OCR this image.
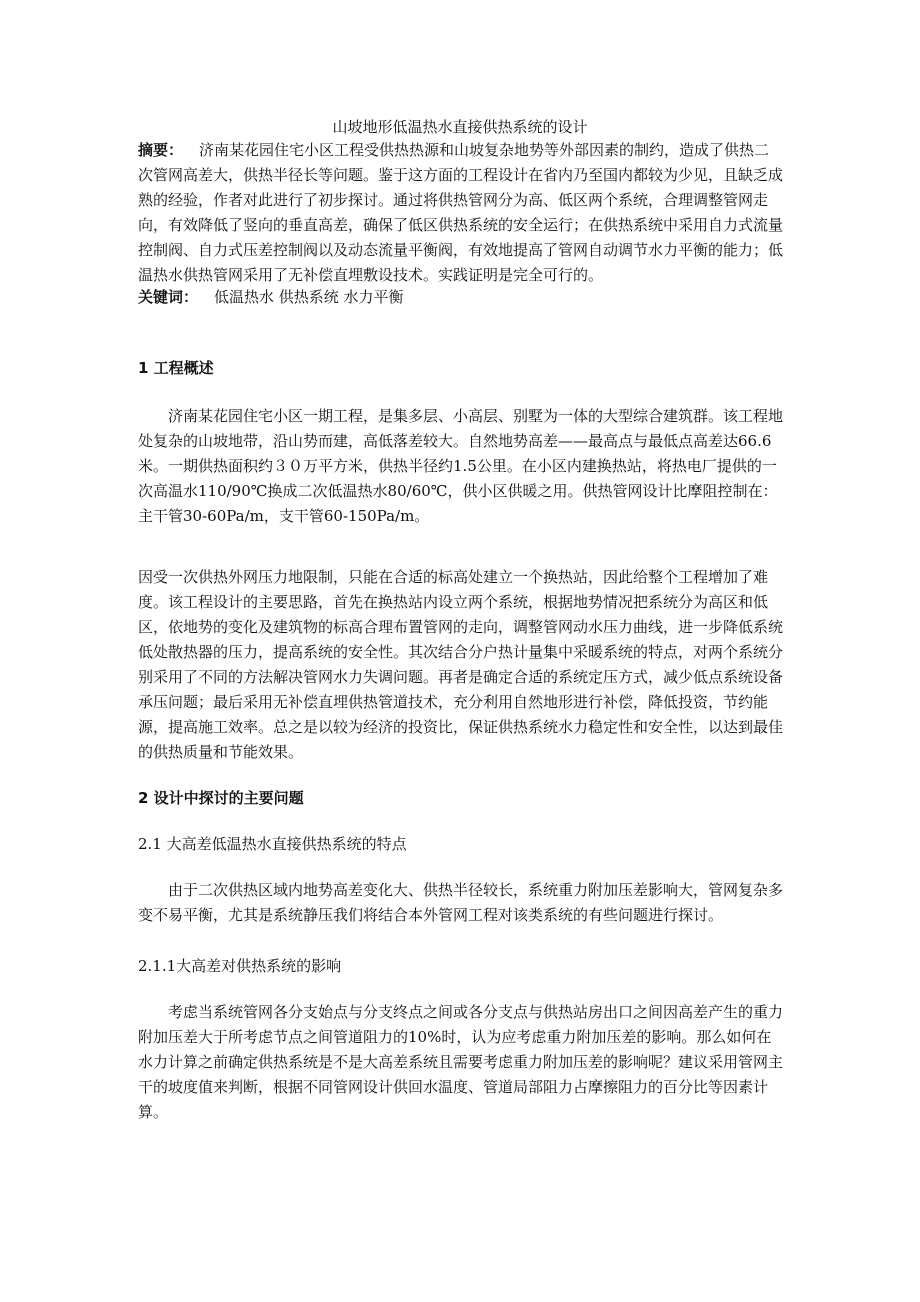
山坡地形低温热水直接供热系统的设计
摘要： 济南某花园住宅小区工程受供热热源和山坡复杂地势等外部因素的制约，造成了供热二次管网高差大，供热半径长等问题。鉴于这方面的工程设计在省内乃至国内都较为少见，且缺乏成熟的经验，作者对此进行了初步探讨。通过将供热管网分为高、低区两个系统，合理调整管网走向，有效降低了竖向的垂直高差，确保了低区供热系统的安全运行；在供热系统中采用自力式流量控制阀、自力式压差控制阀以及动态流量平衡阀，有效地提高了管网自动调节水力平衡的能力；低温热水供热管网采用了无补偿直埋敷设技术。实践证明是完全可行的。
关键词： 低温热水 供热系统 水力平衡
1 工程概述
济南某花园住宅小区一期工程，是集多层、小高层、别墅为一体的大型综合建筑群。该工程地处复杂的山坡地带，沿山势而建，高低落差较大。自然地势高差——最高点与最低点高差达66.6米。一期供热面积约３０万平方米，供热半径约1.5公里。在小区内建换热站，将热电厂提供的一次高温水110/90℃换成二次低温热水80/60℃，供小区供暖之用。供热管网设计比摩阻控制在：主干管30-60Pa/m，支干管60-150Pa/m。
因受一次供热外网压力地限制，只能在合适的标高处建立一个换热站，因此给整个工程增加了难度。该工程设计的主要思路，首先在换热站内设立两个系统，根据地势情况把系统分为高区和低区，依地势的变化及建筑物的标高合理布置管网的走向，调整管网动水压力曲线，进一步降低系统低处散热器的压力，提高系统的安全性。其次结合分户热计量集中采暖系统的特点，对两个系统分别采用了不同的方法解决管网水力失调问题。再者是确定合适的系统定压方式，减少低点系统设备承压问题；最后采用无补偿直埋供热管道技术，充分利用自然地形进行补偿，降低投资，节约能源，提高施工效率。总之是以较为经济的投资比，保证供热系统水力稳定性和安全性，以达到最佳的供热质量和节能效果。
2 设计中探讨的主要问题
2.1 大高差低温热水直接供热系统的特点
由于二次供热区域内地势高差变化大、供热半径较长，系统重力附加压差影响大，管网复杂多变不易平衡，尤其是系统静压我们将结合本外管网工程对该类系统的有些问题进行探讨。
2.1.1大高差对供热系统的影响
考虑当系统管网各分支始点与分支终点之间或各分支点与供热站房出口之间因高差产生的重力附加压差大于所考虑节点之间管道阻力的10%时，认为应考虑重力附加压差的影响。那么如何在水力计算之前确定供热系统是不是大高差系统且需要考虑重力附加压差的影响呢？建议采用管网主干的坡度值来判断，根据不同管网设计供回水温度、管道局部阻力占摩擦阻力的百分比等因素计算。
